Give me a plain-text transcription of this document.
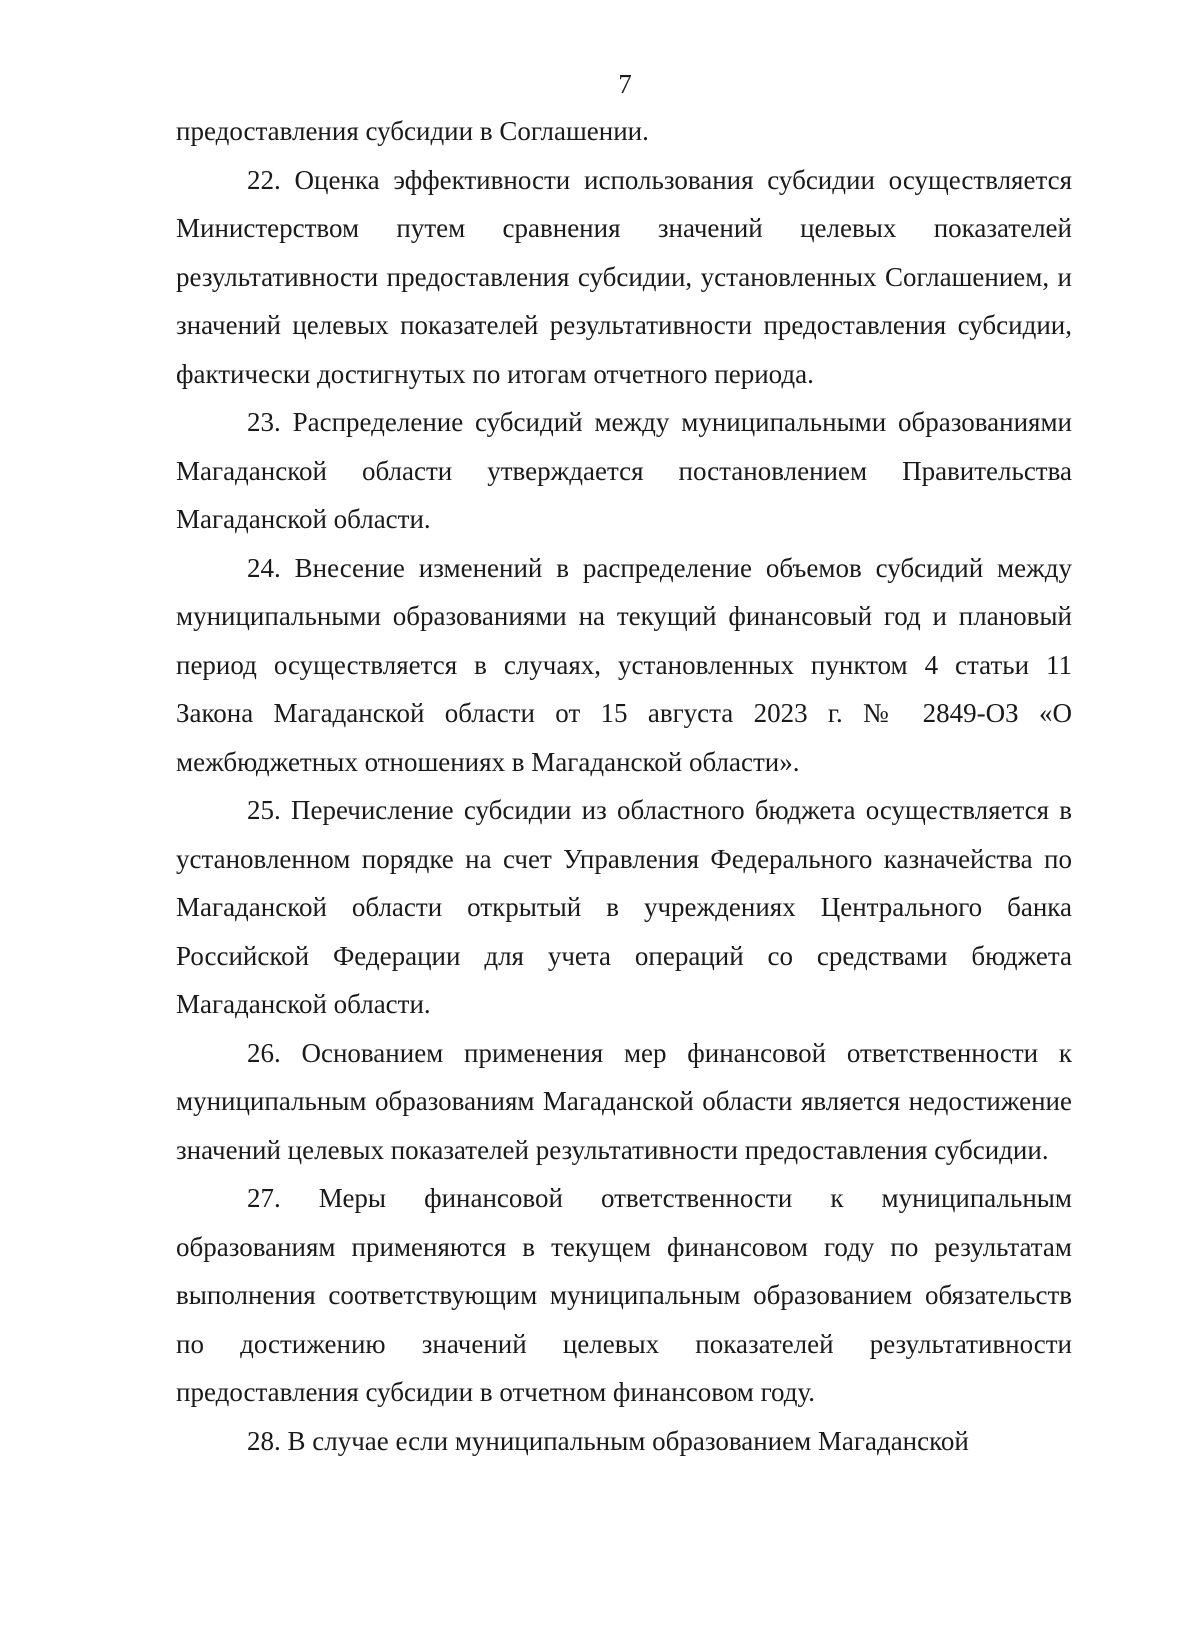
7

предоставления субсидии в Соглашении.

22. Оценка эффективности использования субсидии осуществляется Министерством путем сравнения значений целевых показателей результативности предоставления субсидии, установленных Соглашением, и значений целевых показателей результативности предоставления субсидии, фактически достигнутых по итогам отчетного периода.

23. Распределение субсидий между муниципальными образованиями Магаданской области утверждается постановлением Правительства Магаданской области.

24. Внесение изменений в распределение объемов субсидий между муниципальными образованиями на текущий финансовый год и плановый период осуществляется в случаях, установленных пунктом 4 статьи 11 Закона Магаданской области от 15 августа 2023 г. № 2849-ОЗ «О межбюджетных отношениях в Магаданской области».

25. Перечисление субсидии из областного бюджета осуществляется в установленном порядке на счет Управления Федерального казначейства по Магаданской области открытый в учреждениях Центрального банка Российской Федерации для учета операций со средствами бюджета Магаданской области.

26. Основанием применения мер финансовой ответственности к муниципальным образованиям Магаданской области является недостижение значений целевых показателей результативности предоставления субсидии.

27. Меры финансовой ответственности к муниципальным образованиям применяются в текущем финансовом году по результатам выполнения соответствующим муниципальным образованием обязательств по достижению значений целевых показателей результативности предоставления субсидии в отчетном финансовом году.

28. В случае если муниципальным образованием Магаданской
